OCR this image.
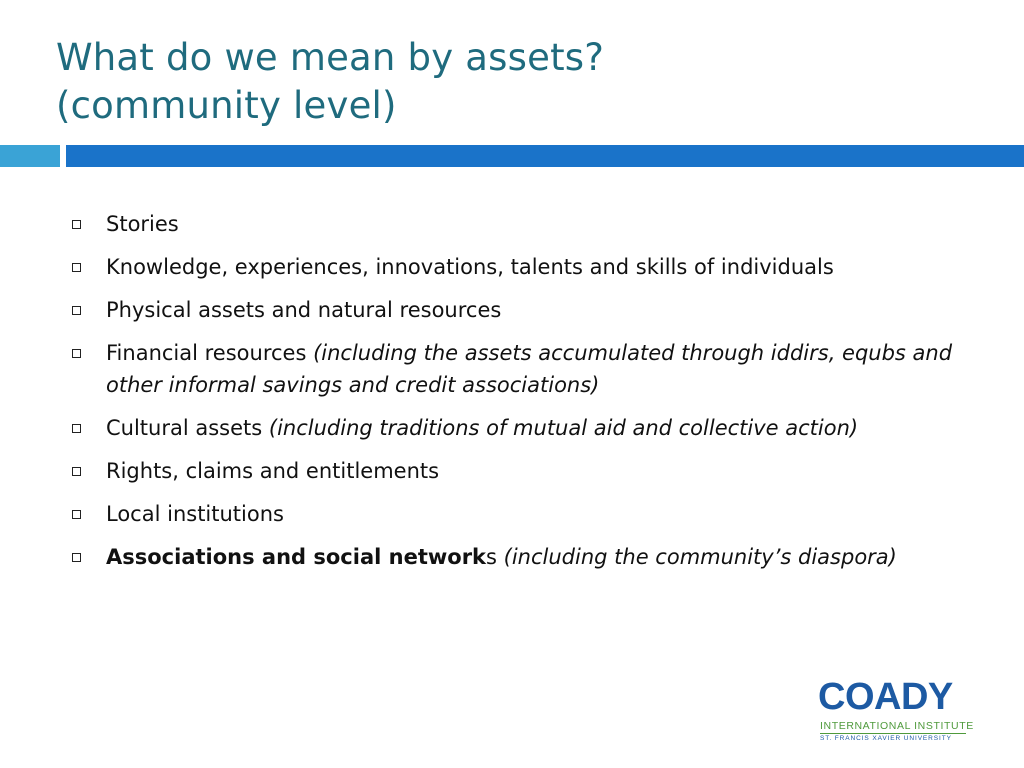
What do we mean by assets?
(community level)
Stories
Knowledge, experiences, innovations, talents and skills of individuals
Physical assets and natural resources
Financial resources (including the assets accumulated through iddirs, equbs and other informal savings and credit associations)
Cultural assets (including traditions of mutual aid and collective action)
Rights, claims and entitlements
Local institutions
Associations and social networks (including the community’s diaspora)
COADY
INTERNATIONAL INSTITUTE
ST. FRANCIS XAVIER UNIVERSITY
